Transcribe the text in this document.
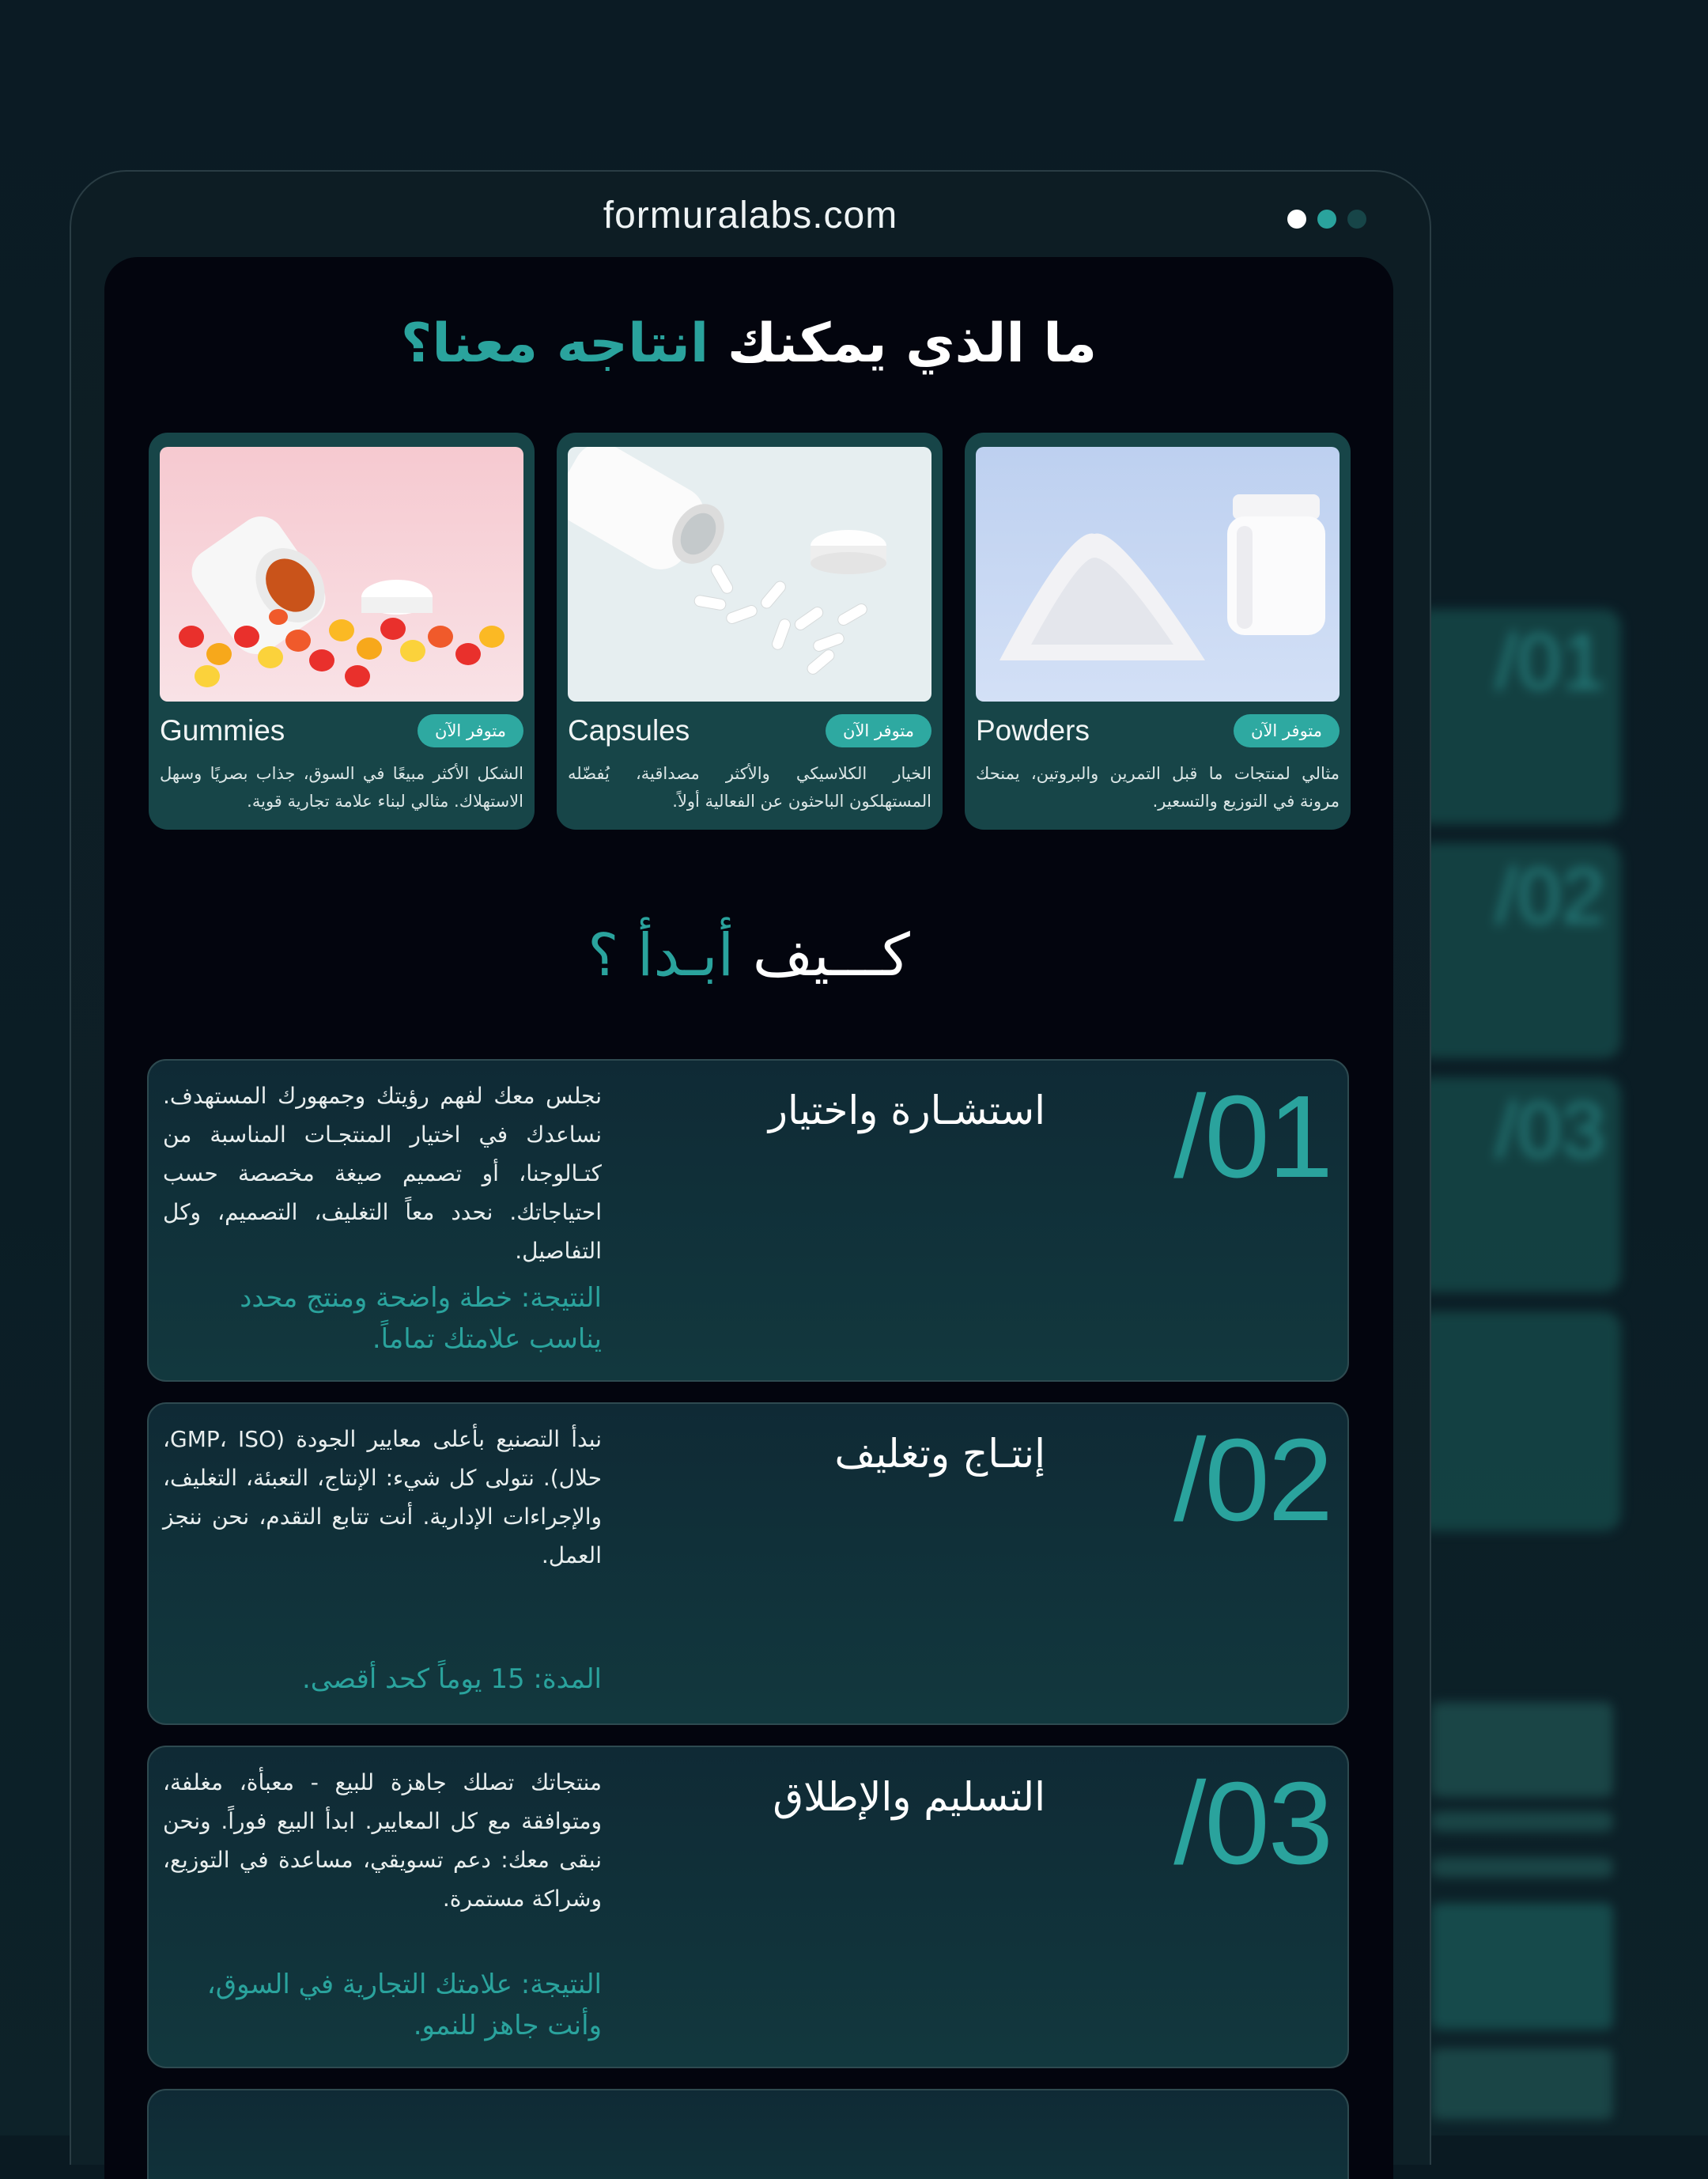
/01
/02
/03
formuralabs.com
ما الذي يمكنك انتاجه معنا؟
Gummies	متوفر الآن
الشكل الأكثر مبيعًا في السوق، جذاب بصريًا وسهل الاستهلاك. مثالي لبناء علامة تجارية قوية.
Capsules	متوفر الآن
الخيار الكلاسيكي والأكثر مصداقية، يُفضّله المستهلكون الباحثون عن الفعالية أولاً.
Powders	متوفر الآن
مثالي لمنتجات ما قبل التمرين والبروتين، يمنحك مرونة في التوزيع والتسعير.
كـــيف أبـدأ ؟
/01
استشـارة واختيار
نجلس معك لفهم رؤيتك وجمهورك المستهدف. نساعدك في اختيار المنتجـات المناسبة من كتـالوجنا، أو تصميم صيغة مخصصة حسب احتياجاتك. نحدد معاً التغليف، التصميم، وكل التفاصيل.
النتيجة: خطة واضحة ومنتج محدد يناسب علامتك تماماً.
/02
إنتـاج وتغليف
نبدأ التصنيع بأعلى معايير الجودة (GMP، ISO، حلال). نتولى كل شيء: الإنتاج، التعبئة، التغليف، والإجراءات الإدارية. أنت تتابع التقدم، نحن ننجز العمل.
المدة: 15 يوماً كحد أقصى.
/03
التسليم والإطلاق
منتجاتك تصلك جاهزة للبيع - معبأة، مغلفة، ومتوافقة مع كل المعايير. ابدأ البيع فوراً. ونحن نبقى معك: دعم تسويقي، مساعدة في التوزيع، وشراكة مستمرة.
النتيجة: علامتك التجارية في السوق، وأنت جاهز للنمو.
